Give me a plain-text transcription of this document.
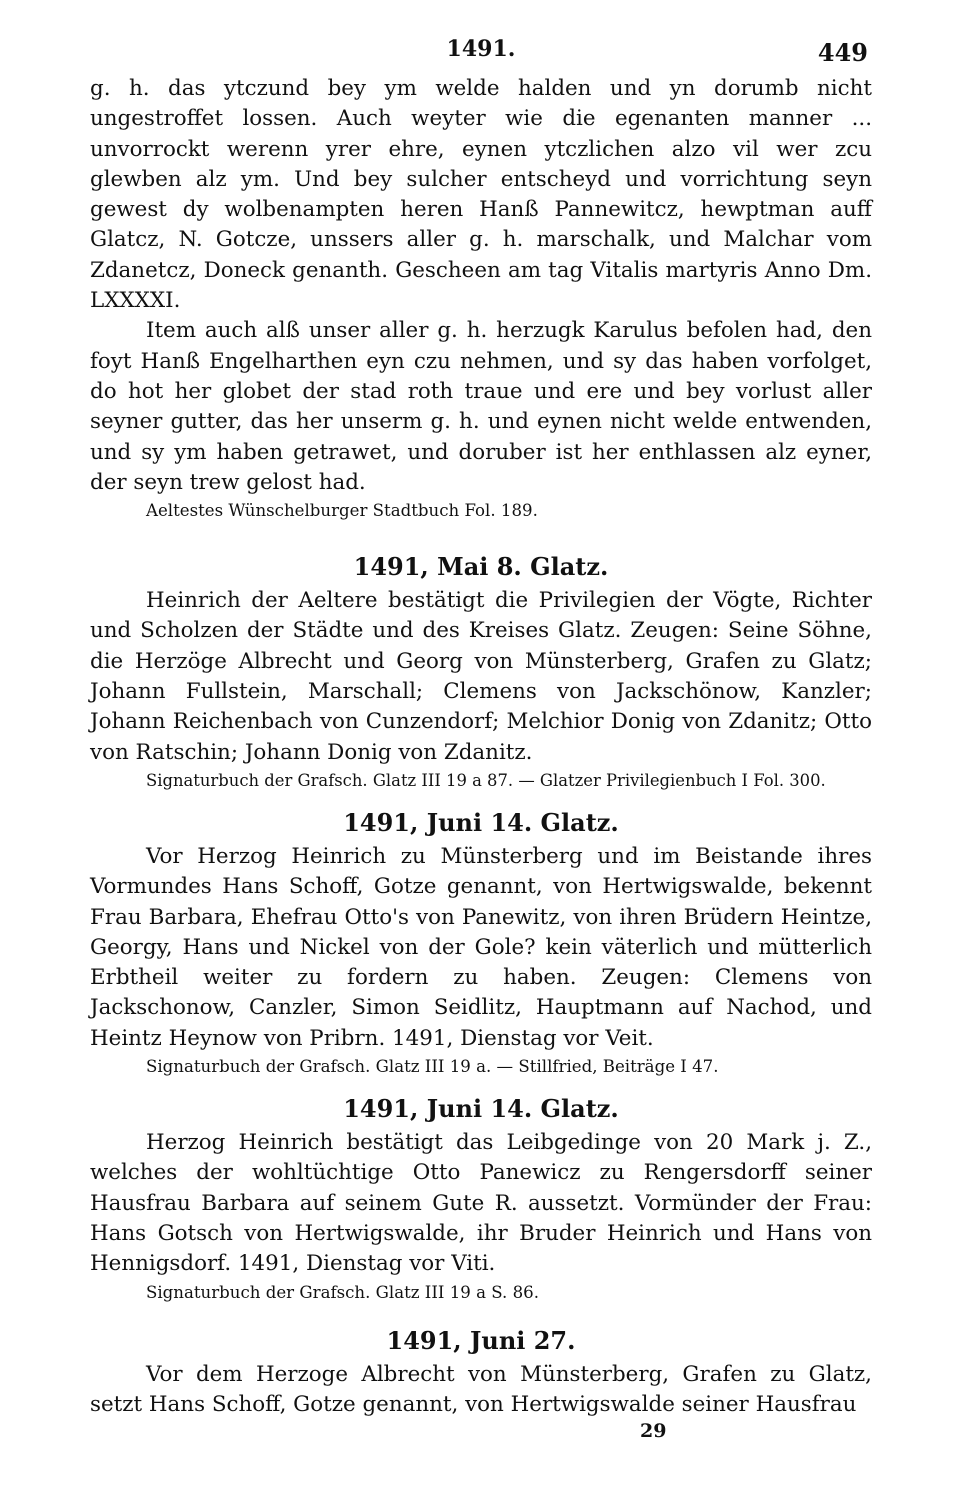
1491.	449

g. h. das ytczund bey ym welde halden und yn dorumb nicht ungestroffet lossen. Auch weyter wie die egenanten manner ... unvorrockt werenn yrer ehre, eynen ytczlichen alzo vil wer zcu glewben alz ym. Und bey sulcher entscheyd und vorrichtung seyn gewest dy wolbenampten heren Hanß Pannewitcz, hewptman auff Glatcz, N. Gotcze, unssers aller g. h. marschalk, und Malchar vom Zdanetcz, Doneck genanth. Gescheen am tag Vitalis martyris Anno Dm. LXXXXI.

Item auch alß unser aller g. h. herzugk Karulus befolen had, den foyt Hanß Engelharthen eyn czu nehmen, und sy das haben vorfolget, do hot her globet der stad roth traue und ere und bey vorlust aller seyner gutter, das her unserm g. h. und eynen nicht welde entwenden, und sy ym haben getrawet, und doruber ist her enthlassen alz eyner, der seyn trew gelost had.

Aeltestes Wünschelburger Stadtbuch Fol. 189.

1491, Mai 8. Glatz.

Heinrich der Aeltere bestätigt die Privilegien der Vögte, Richter und Scholzen der Städte und des Kreises Glatz. Zeugen: Seine Söhne, die Herzöge Albrecht und Georg von Münsterberg, Grafen zu Glatz; Johann Fullstein, Marschall; Clemens von Jackschönow, Kanzler; Johann Reichenbach von Cunzendorf; Melchior Donig von Zdanitz; Otto von Ratschin; Johann Donig von Zdanitz.

Signaturbuch der Grafsch. Glatz III 19 a 87. — Glatzer Privilegienbuch I Fol. 300.

1491, Juni 14. Glatz.

Vor Herzog Heinrich zu Münsterberg und im Beistande ihres Vormundes Hans Schoff, Gotze genannt, von Hertwigswalde, bekennt Frau Barbara, Ehefrau Otto's von Panewitz, von ihren Brüdern Heintze, Georgy, Hans und Nickel von der Gole? kein väterlich und mütterlich Erbtheil weiter zu fordern zu haben. Zeugen: Clemens von Jackschonow, Canzler, Simon Seidlitz, Hauptmann auf Nachod, und Heintz Heynow von Pribrn. 1491, Dienstag vor Veit.

Signaturbuch der Grafsch. Glatz III 19 a. — Stillfried, Beiträge I 47.

1491, Juni 14. Glatz.

Herzog Heinrich bestätigt das Leibgedinge von 20 Mark j. Z., welches der wohltüchtige Otto Panewicz zu Rengersdorff seiner Hausfrau Barbara auf seinem Gute R. aussetzt. Vormünder der Frau: Hans Gotsch von Hertwigswalde, ihr Bruder Heinrich und Hans von Hennigsdorf. 1491, Dienstag vor Viti.

Signaturbuch der Grafsch. Glatz III 19 a S. 86.

1491, Juni 27.

Vor dem Herzoge Albrecht von Münsterberg, Grafen zu Glatz, setzt Hans Schoff, Gotze genannt, von Hertwigswalde seiner Hausfrau

29
